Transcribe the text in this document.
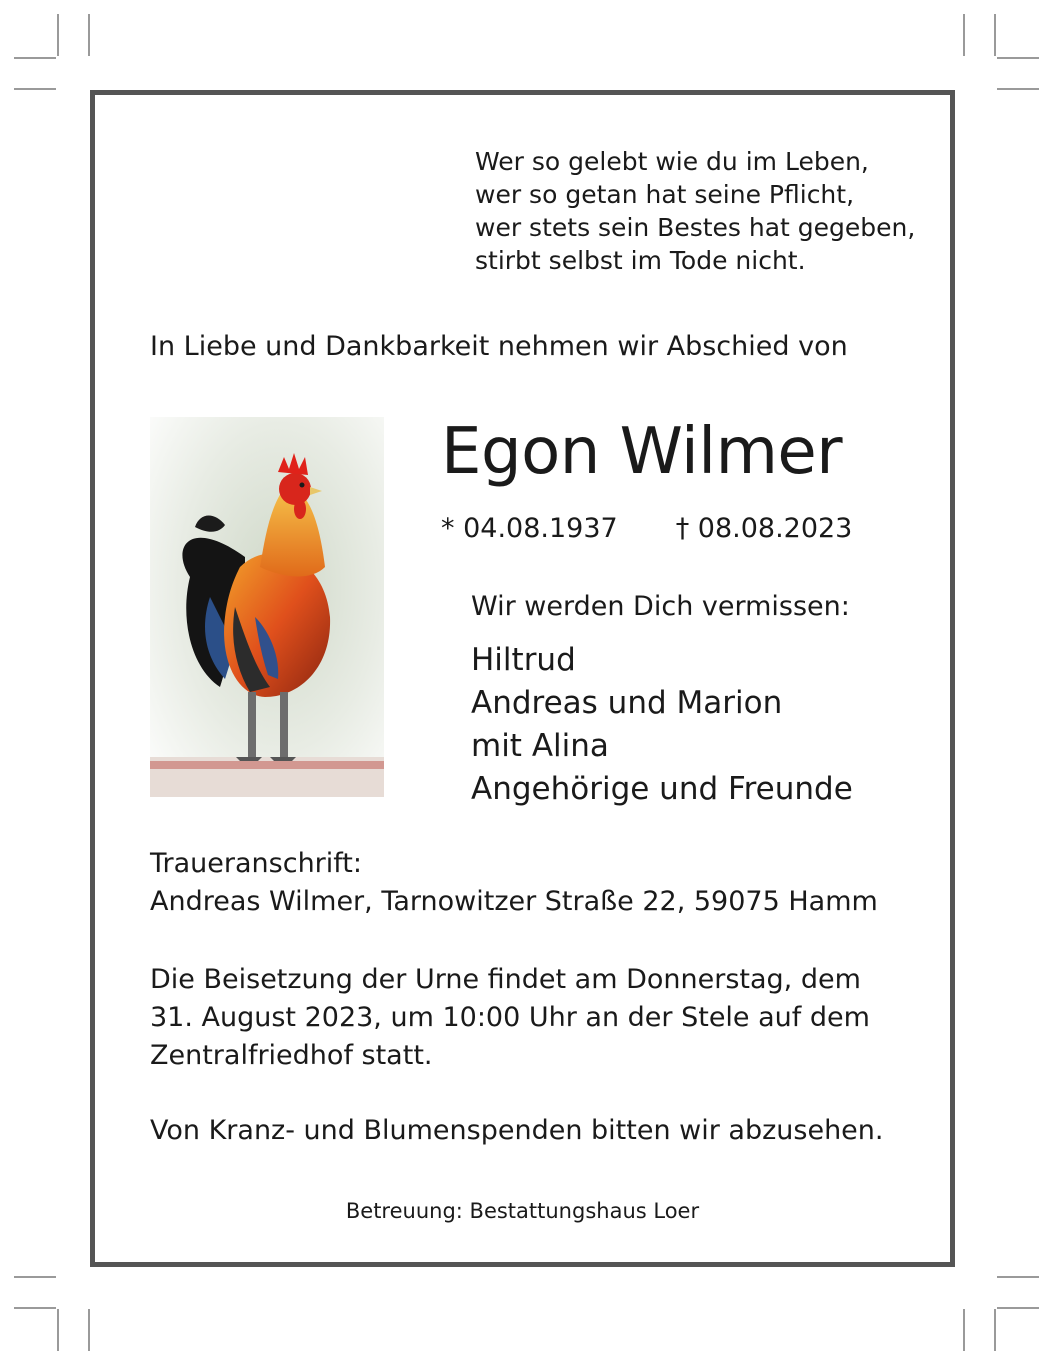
Wer so gelebt wie du im Leben,
wer so getan hat seine Pflicht,
wer stets sein Bestes hat gegeben,
stirbt selbst im Tode nicht.
In Liebe und Dankbarkeit nehmen wir Abschied von
Egon Wilmer
* 04.08.1937 † 08.08.2023
Wir werden Dich vermissen:
Hiltrud
Andreas und Marion
mit Alina
Angehörige und Freunde
Traueranschrift:
Andreas Wilmer, Tarnowitzer Straße 22, 59075 Hamm
Die Beisetzung der Urne findet am Donnerstag, dem
31. August 2023, um 10:00 Uhr an der Stele auf dem
Zentralfriedhof statt.
Von Kranz- und Blumenspenden bitten wir abzusehen.
Betreuung: Bestattungshaus Loer
